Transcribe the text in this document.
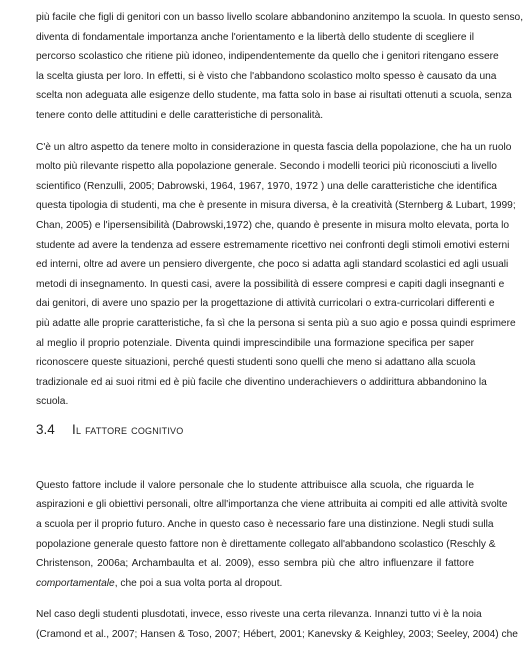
più facile che figli di genitori con un basso livello scolare abbandonino anzitempo la scuola. In questo senso,
diventa di fondamentale importanza anche l'orientamento e la libertà dello studente di scegliere il
percorso scolastico che ritiene più idoneo, indipendentemente da quello che i genitori ritengano essere
la scelta giusta per loro. In effetti, si è visto che l'abbandono scolastico molto spesso è causato da una
scelta non adeguata alle esigenze dello studente, ma fatta solo in base ai risultati ottenuti a scuola, senza
tenere conto delle attitudini e delle caratteristiche di personalità.

C'è un altro aspetto da tenere molto in considerazione in questa fascia della popolazione, che ha un ruolo
molto più rilevante rispetto alla popolazione generale. Secondo i modelli teorici più riconosciuti a livello
scientifico (Renzulli, 2005; Dabrowski, 1964, 1967, 1970, 1972 ) una delle caratteristiche che identifica
questa tipologia di studenti, ma che è presente in misura diversa, è la creatività (Sternberg & Lubart, 1999;
Chan, 2005) e l'ipersensibilità (Dabrowski,1972) che, quando è presente in misura molto elevata, porta lo
studente ad avere la tendenza ad essere estremamente ricettivo nei confronti degli stimoli emotivi esterni
ed interni, oltre ad avere un pensiero divergente, che poco si adatta agli standard scolastici ed agli usuali
metodi di insegnamento. In questi casi, avere la possibilità di essere compresi e capiti dagli insegnanti e
dai genitori, di avere uno spazio per la progettazione di attività curricolari o extra-curricolari differenti e
più adatte alle proprie caratteristiche, fa sì che la persona si senta più a suo agio e possa quindi esprimere
al meglio il proprio potenziale. Diventa quindi imprescindibile una formazione specifica per saper
riconoscere queste situazioni, perché questi studenti sono quelli che meno si adattano alla scuola
tradizionale ed ai suoi ritmi ed è più facile che diventino underachievers o addirittura abbandonino la
scuola.

3.4	Il fattore cognitivo

Questo fattore include il valore personale che lo studente attribuisce alla scuola, che riguarda le
aspirazioni e gli obiettivi personali, oltre all'importanza che viene attribuita ai compiti ed alle attività svolte
a scuola per il proprio futuro. Anche in questo caso è necessario fare una distinzione. Negli studi sulla
popolazione generale questo fattore non è direttamente collegato all'abbandono scolastico (Reschly &
Christenson, 2006a; Archambaulta et al. 2009), esso sembra più che altro influenzare il fattore
comportamentale, che poi a sua volta porta al dropout.

Nel caso degli studenti plusdotati, invece, esso riveste una certa rilevanza. Innanzi tutto vi è la noia
(Cramond et al., 2007; Hansen & Toso, 2007; Hébert, 2001; Kanevsky & Keighley, 2003; Seeley, 2004) che
